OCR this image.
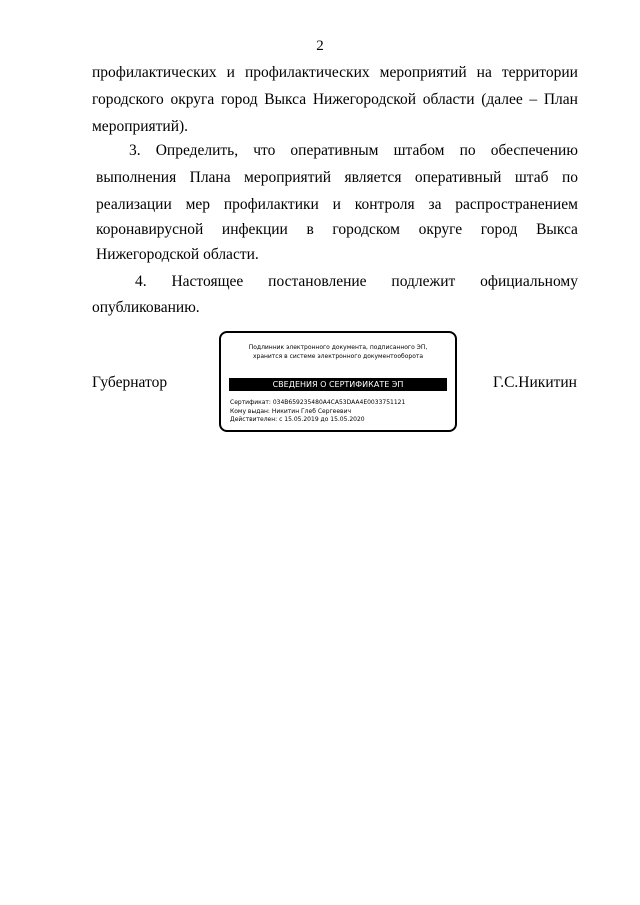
2
профилактических и профилактических мероприятий на территории
городского округа город Выкса Нижегородской области (далее – План
мероприятий).
3. Определить, что оперативным штабом по обеспечению
выполнения Плана мероприятий является оперативный штаб по
реализации мер профилактики и контроля за распространением
коронавирусной инфекции в городском округе город Выкса
Нижегородской области.
4. Настоящее постановление подлежит официальному
опубликованию.
Губернатор
Подлинник электронного документа, подписанного ЭП,
хранится в системе электронного документооборота
СВЕДЕНИЯ О СЕРТИФИКАТЕ ЭП
Сертификат: 034B659235480A4CA53DAA4E0033751121
Кому выдан: Никитин Глеб Сергеевич
Действителен: с 15.05.2019 до 15.05.2020
Г.С.Никитин
